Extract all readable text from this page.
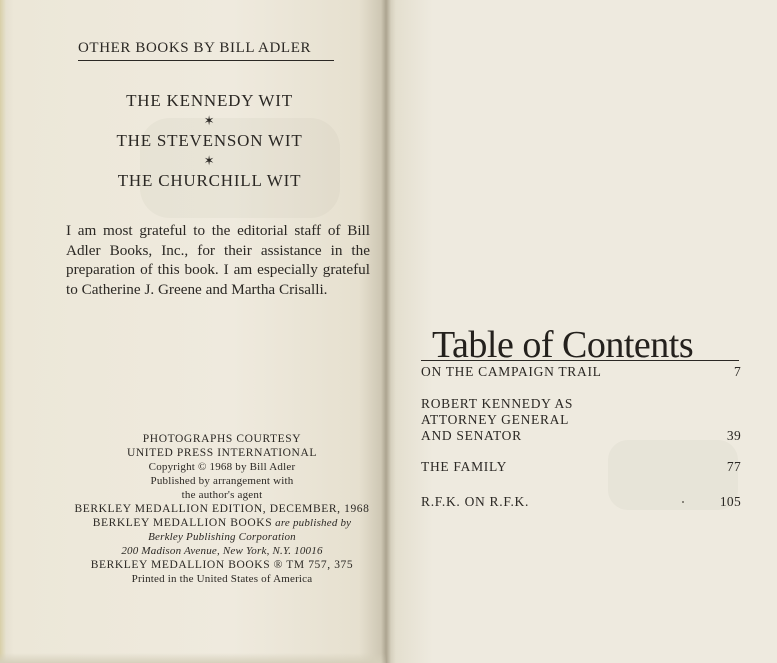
OTHER BOOKS BY BILL ADLER
THE KENNEDY WIT
✶
THE STEVENSON WIT
✶
THE CHURCHILL WIT
I am most grateful to the editorial staff of Bill Adler Books, Inc., for their assistance in the preparation of this book. I am especially grateful to Catherine J. Greene and Martha Crisalli.
PHOTOGRAPHS COURTESY
UNITED PRESS INTERNATIONAL
Copyright © 1968 by Bill Adler
Published by arrangement with
the author's agent
BERKLEY MEDALLION EDITION, DECEMBER, 1968
BERKLEY MEDALLION BOOKS are published by
Berkley Publishing Corporation
200 Madison Avenue, New York, N.Y. 10016
BERKLEY MEDALLION BOOKS ® TM 757, 375
Printed in the United States of America
Table of Contents
ON THE CAMPAIGN TRAIL	7
ROBERT KENNEDY AS
ATTORNEY GENERAL
AND SENATOR	39
THE FAMILY	77
R.F.K. ON R.F.K.	105
